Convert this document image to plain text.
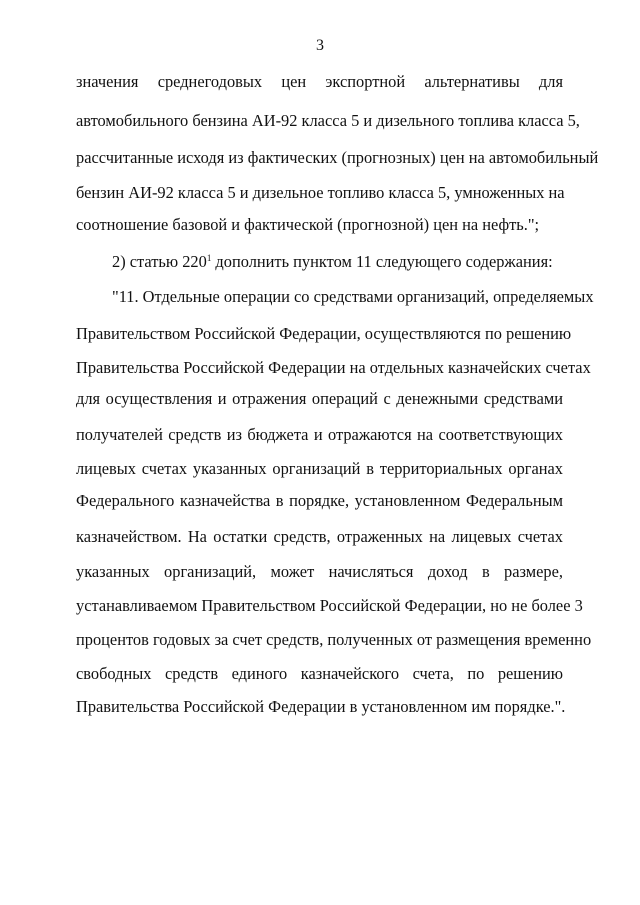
3
значения среднегодовых цен экспортной альтернативы для
автомобильного бензина АИ-92 класса 5 и дизельного топлива класса 5,
рассчитанные исходя из фактических (прогнозных) цен на автомобильный
бензин АИ-92 класса 5 и дизельное топливо класса 5, умноженных на
соотношение базовой и фактической (прогнозной) цен на нефть.";
2) статью $220^1$ дополнить пунктом 11 следующего содержания:
"11. Отдельные операции со средствами организаций, определяемых
Правительством Российской Федерации, осуществляются по решению
Правительства Российской Федерации на отдельных казначейских счетах
для осуществления и отражения операций с денежными средствами
получателей средств из бюджета и отражаются на соответствующих
лицевых счетах указанных организаций в территориальных органах
Федерального казначейства в порядке, установленном Федеральным
казначейством. На остатки средств, отраженных на лицевых счетах
указанных организаций, может начисляться доход в размере,
устанавливаемом Правительством Российской Федерации, но не более 3
процентов годовых за счет средств, полученных от размещения временно
свободных средств единого казначейского счета, по решению
Правительства Российской Федерации в установленном им порядке.".
